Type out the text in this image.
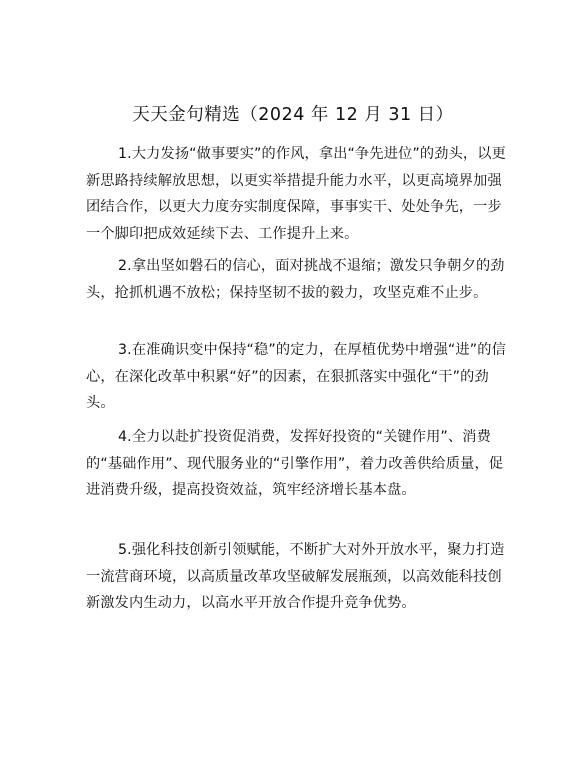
天天金句精选（2024 年 12 月 31 日）

1.大力发扬“做事要实”的作风，拿出“争先进位”的劲头，以更新思路持续解放思想，以更实举措提升能力水平，以更高境界加强团结合作，以更大力度夯实制度保障，事事实干、处处争先，一步一个脚印把成效延续下去、工作提升上来。

2.拿出坚如磐石的信心，面对挑战不退缩；激发只争朝夕的劲头，抢抓机遇不放松；保持坚韧不拔的毅力，攻坚克难不止步。

3.在准确识变中保持“稳”的定力，在厚植优势中增强“进”的信心，在深化改革中积累“好”的因素，在狠抓落实中强化“干”的劲头。

4.全力以赴扩投资促消费，发挥好投资的“关键作用”、消费的“基础作用”、现代服务业的“引擎作用”，着力改善供给质量，促进消费升级，提高投资效益，筑牢经济增长基本盘。

5.强化科技创新引领赋能，不断扩大对外开放水平，聚力打造一流营商环境，以高质量改革攻坚破解发展瓶颈，以高效能科技创新激发内生动力，以高水平开放合作提升竞争优势。
